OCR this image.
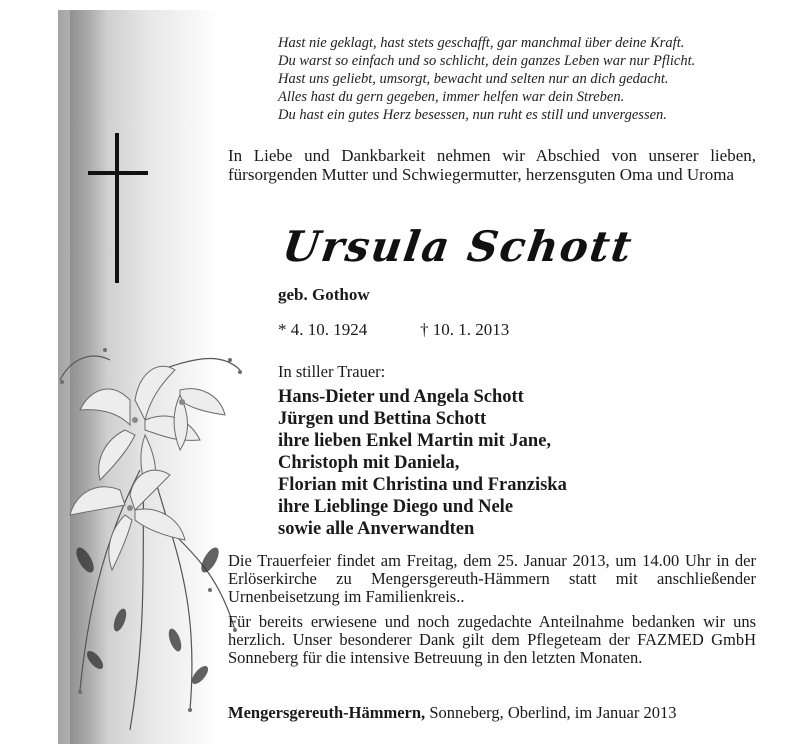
Hast nie geklagt, hast stets geschafft, gar manchmal über deine Kraft.
Du warst so einfach und so schlicht, dein ganzes Leben war nur Pflicht.
Hast uns geliebt, umsorgt, bewacht und selten nur an dich gedacht.
Alles hast du gern gegeben, immer helfen war dein Streben.
Du hast ein gutes Herz besessen, nun ruht es still und unvergessen.
In Liebe und Dankbarkeit nehmen wir Abschied von unserer lieben, fürsorgenden Mutter und Schwiegermutter, herzensguten Oma und Uroma
Ursula Schott
geb. Gothow
* 4. 10. 1924	† 10. 1. 2013
In stiller Trauer:
Hans-Dieter und Angela Schott
Jürgen und Bettina Schott
ihre lieben Enkel Martin mit Jane,
Christoph mit Daniela,
Florian mit Christina und Franziska
ihre Lieblinge Diego und Nele
sowie alle Anverwandten
Die Trauerfeier findet am Freitag, dem 25. Januar 2013, um 14.00 Uhr in der Erlöserkirche zu Mengersgereuth-Hämmern statt mit anschließender Urnenbeisetzung im Familienkreis..
Für bereits erwiesene und noch zugedachte Anteilnahme bedanken wir uns herzlich. Unser besonderer Dank gilt dem Pflegeteam der FAZMED GmbH Sonneberg für die intensive Betreuung in den letzten Monaten.
Mengersgereuth-Hämmern, Sonneberg, Oberlind, im Januar 2013
